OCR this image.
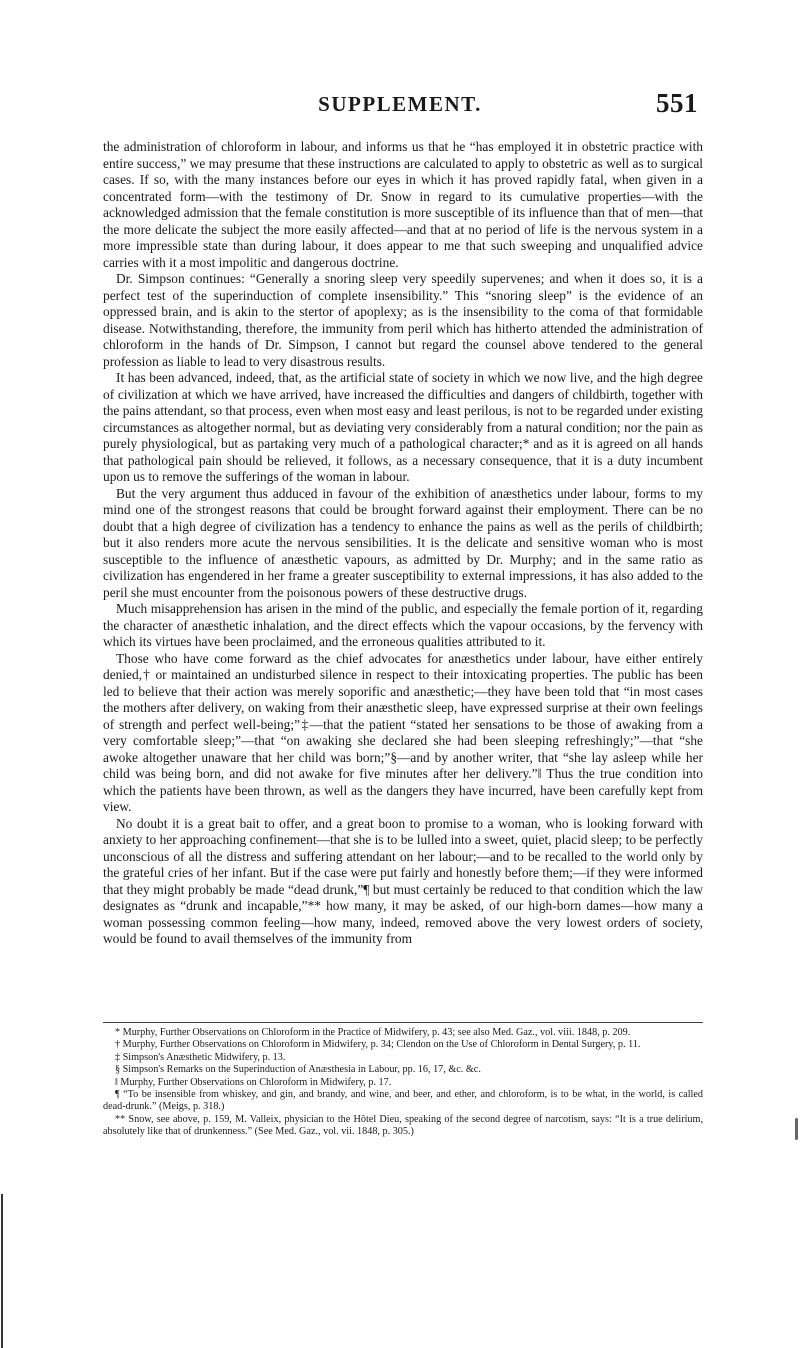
SUPPLEMENT.	551

the administration of chloroform in labour, and informs us that he “has employed it in obstetric practice with entire success,” we may presume that these instructions are calculated to apply to obstetric as well as to surgical cases. If so, with the many instances before our eyes in which it has proved rapidly fatal, when given in a concentrated form—with the testimony of Dr. Snow in regard to its cumulative properties—with the acknowledged admission that the female constitution is more susceptible of its influence than that of men—that the more delicate the subject the more easily affected—and that at no period of life is the nervous system in a more impressible state than during labour, it does appear to me that such sweeping and unqualified advice carries with it a most impolitic and dangerous doctrine.

Dr. Simpson continues: “Generally a snoring sleep very speedily supervenes; and when it does so, it is a perfect test of the superinduction of complete insensibility.” This “snoring sleep” is the evidence of an oppressed brain, and is akin to the stertor of apoplexy; as is the insensibility to the coma of that formidable disease. Notwithstanding, therefore, the immunity from peril which has hitherto attended the administration of chloroform in the hands of Dr. Simpson, I cannot but regard the counsel above tendered to the general profession as liable to lead to very disastrous results.

It has been advanced, indeed, that, as the artificial state of society in which we now live, and the high degree of civilization at which we have arrived, have increased the difficulties and dangers of childbirth, together with the pains attendant, so that process, even when most easy and least perilous, is not to be regarded under existing circumstances as altogether normal, but as deviating very considerably from a natural condition; nor the pain as purely physiological, but as partaking very much of a pathological character;* and as it is agreed on all hands that pathological pain should be relieved, it follows, as a necessary consequence, that it is a duty incumbent upon us to remove the sufferings of the woman in labour.

But the very argument thus adduced in favour of the exhibition of anæsthetics under labour, forms to my mind one of the strongest reasons that could be brought forward against their employment. There can be no doubt that a high degree of civilization has a tendency to enhance the pains as well as the perils of childbirth; but it also renders more acute the nervous sensibilities. It is the delicate and sensitive woman who is most susceptible to the influence of anæsthetic vapours, as admitted by Dr. Murphy; and in the same ratio as civilization has engendered in her frame a greater susceptibility to external impressions, it has also added to the peril she must encounter from the poisonous powers of these destructive drugs.

Much misapprehension has arisen in the mind of the public, and especially the female portion of it, regarding the character of anæsthetic inhalation, and the direct effects which the vapour occasions, by the fervency with which its virtues have been proclaimed, and the erroneous qualities attributed to it.

Those who have come forward as the chief advocates for anæsthetics under labour, have either entirely denied,† or maintained an undisturbed silence in respect to their intoxicating properties. The public has been led to believe that their action was merely soporific and anæsthetic;—they have been told that “in most cases the mothers after delivery, on waking from their anæsthetic sleep, have expressed surprise at their own feelings of strength and perfect well-being;”‡—that the patient “stated her sensations to be those of awaking from a very comfortable sleep;”—that “on awaking she declared she had been sleeping refreshingly;”—that “she awoke altogether unaware that her child was born;”§—and by another writer, that “she lay asleep while her child was being born, and did not awake for five minutes after her delivery.”‖ Thus the true condition into which the patients have been thrown, as well as the dangers they have incurred, have been carefully kept from view.

No doubt it is a great bait to offer, and a great boon to promise to a woman, who is looking forward with anxiety to her approaching confinement—that she is to be lulled into a sweet, quiet, placid sleep; to be perfectly unconscious of all the distress and suffering attendant on her labour;—and to be recalled to the world only by the grateful cries of her infant. But if the case were put fairly and honestly before them;—if they were informed that they might probably be made “dead drunk,”¶ but must certainly be reduced to that condition which the law designates as “drunk and incapable,”** how many, it may be asked, of our high-born dames—how many a woman possessing common feeling—how many, indeed, removed above the very lowest orders of society, would be found to avail themselves of the immunity from

* Murphy, Further Observations on Chloroform in the Practice of Midwifery, p. 43; see also Med. Gaz., vol. viii. 1848, p. 209.

† Murphy, Further Observations on Chloroform in Midwifery, p. 34; Clendon on the Use of Chloroform in Dental Surgery, p. 11.

‡ Simpson's Anæsthetic Midwifery, p. 13.

§ Simpson's Remarks on the Superinduction of Anæsthesia in Labour, pp. 16, 17, &c. &c.

‖ Murphy, Further Observations on Chloroform in Midwifery, p. 17.

¶ “To be insensible from whiskey, and gin, and brandy, and wine, and beer, and ether, and chloroform, is to be what, in the world, is called dead-drunk.” (Meigs, p. 318.)

** Snow, see above, p. 159, M. Valleix, physician to the Hôtel Dieu, speaking of the second degree of narcotism, says: “It is a true delirium, absolutely like that of drunkenness.” (See Med. Gaz., vol. vii. 1848, p. 305.)
